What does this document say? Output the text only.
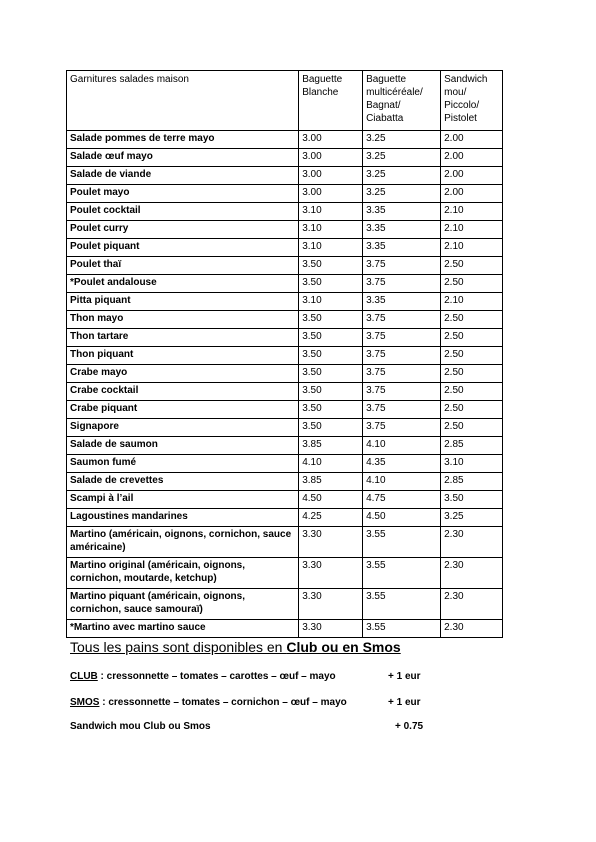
Garnitures salades maison	Baguette Blanche	Baguette multicéréale/ Bagnat/ Ciabatta	Sandwich mou/ Piccolo/ Pistolet
Salade pommes de terre mayo	3.00	3.25	2.00
Salade œuf mayo	3.00	3.25	2.00
Salade de viande	3.00	3.25	2.00
Poulet mayo	3.00	3.25	2.00
Poulet cocktail	3.10	3.35	2.10
Poulet curry	3.10	3.35	2.10
Poulet piquant	3.10	3.35	2.10
Poulet thaï	3.50	3.75	2.50
*Poulet andalouse	3.50	3.75	2.50
Pitta piquant	3.10	3.35	2.10
Thon mayo	3.50	3.75	2.50
Thon tartare	3.50	3.75	2.50
Thon piquant	3.50	3.75	2.50
Crabe mayo	3.50	3.75	2.50
Crabe cocktail	3.50	3.75	2.50
Crabe piquant	3.50	3.75	2.50
Signapore	3.50	3.75	2.50
Salade de saumon	3.85	4.10	2.85
Saumon fumé	4.10	4.35	3.10
Salade de crevettes	3.85	4.10	2.85
Scampi à l’ail	4.50	4.75	3.50
Lagoustines mandarines	4.25	4.50	3.25
Martino (américain, oignons, cornichon, sauce américaine)	3.30	3.55	2.30
Martino original (américain, oignons, cornichon, moutarde, ketchup)	3.30	3.55	2.30
Martino piquant (américain, oignons, cornichon, sauce samouraï)	3.30	3.55	2.30
*Martino avec martino sauce	3.30	3.55	2.30
Tous les pains sont disponibles en Club ou en Smos
CLUB : cressonnette – tomates – carottes – œuf – mayo	+ 1 eur
SMOS : cressonnette – tomates – cornichon – œuf – mayo	+ 1 eur
Sandwich mou Club ou Smos	+ 0.75
